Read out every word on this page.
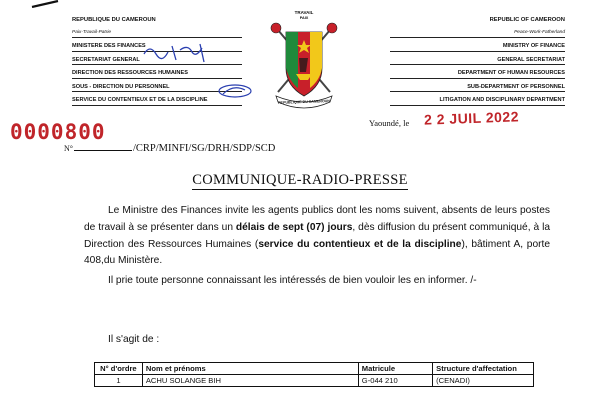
REPUBLIQUE DU CAMEROUN
Paix-Travail-Patrie
MINISTERE DES FINANCES
SECRETARIAT GENERAL
DIRECTION DES RESSOURCES HUMAINES
SOUS - DIRECTION DU PERSONNEL
SERVICE DU CONTENTIEUX ET DE LA DISCIPLINE
TRAVAIL
REPUBLIQUE DU CAMEROUN
PAIX	REPUBLIC OF CAMEROON
Peace-Work-Fatherland
MINISTRY OF FINANCE
GENERAL SECRETARIAT
DEPARTMENT OF HUMAN RESOURCES
SUB-DEPARTMENT OF PERSONNEL
LITIGATION AND DISCIPLINARY DEPARTMENT
0000800
N°	/CRP/MINFI/SG/DRH/SDP/SCD
Yaoundé, le 2 2 JUIL 2022
COMMUNIQUE-RADIO-PRESSE

Le Ministre des Finances invite les agents publics dont les noms suivent, absents de leurs postes de travail à se présenter dans un délais de sept (07) jours, dès diffusion du présent communiqué, à la Direction des Ressources Humaines (service du contentieux et de la discipline), bâtiment A, porte 408,du Ministère.

Il prie toute personne connaissant les intéressés de bien vouloir les en informer. /-

Il s'agit de :
N° d'ordre	Nom et prénoms	Matricule	Structure d'affectation
1	ACHU SOLANGE BIH	G-044 210	(CENADI)
